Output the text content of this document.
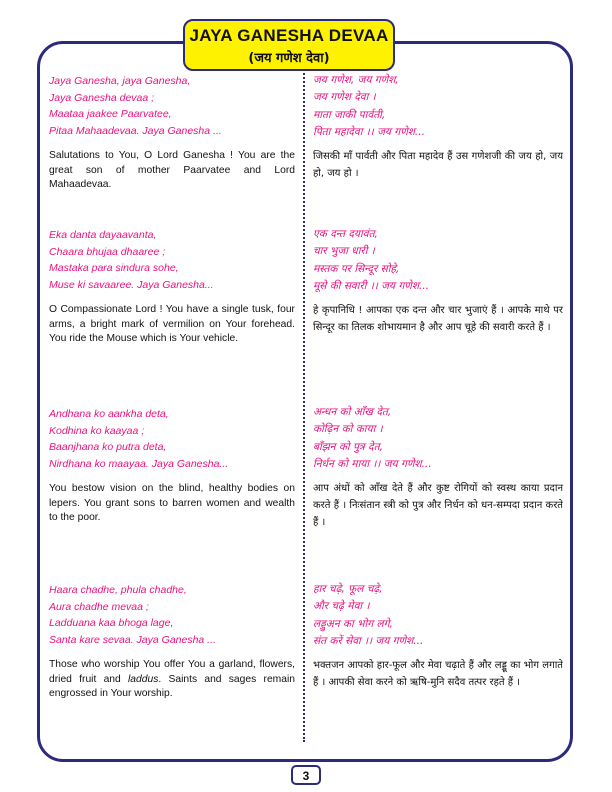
JAYA GANESHA DEVAA
(जय गणेश देवा)
Jaya Ganesha, jaya Ganesha,
Jaya Ganesha devaa ;
Maataa jaakee Paarvatee,
Pitaa Mahaadevaa. Jaya Ganesha ...
Salutations to You, O Lord Ganesha ! You are the great son of mother Paarvatee and Lord Mahaadevaa.
जय गणेश, जय गणेश,
जय गणेश देवा ।
माता जाकी पार्वती,
पिता महादेवा ।। जय गणेश...
जिसकी माँ पार्वती और पिता महादेव हैं उस गणेशजी की जय हो, जय हो, जय हो ।
Eka danta dayaavanta,
Chaara bhujaa dhaaree ;
Mastaka para sindura sohe,
Muse ki savaaree. Jaya Ganesha...
O Compassionate Lord ! You have a single tusk, four arms, a bright mark of vermilion on Your forehead. You ride the Mouse which is Your vehicle.
एक दन्त दयावंत,
चार भुजा धारी ।
मस्तक पर सिन्दूर सोहे,
मूसे की सवारी ।। जय गणेश...
हे कृपानिधि ! आपका एक दन्त और चार भुजाएं हैं । आपके माथे पर सिन्दूर का तिलक शोभायमान है और आप चूहे की सवारी करते हैं ।
Andhana ko aankha deta,
Kodhina ko kaayaa ;
Baanjhana ko putra deta,
Nirdhana ko maayaa. Jaya Ganesha...
You bestow vision on the blind, healthy bodies on lepers. You grant sons to barren women and wealth to the poor.
अन्धन को आँख देत,
कोढ़िन को काया ।
बाँझन को पुत्र देत,
निर्धन को माया ।। जय गणेश...
आप अंधों को आँख देते हैं और कुष्ट रोगियों को स्वस्थ काया प्रदान करते हैं । निःसंतान स्त्री को पुत्र और निर्धन को धन-सम्पदा प्रदान करते हैं ।
Haara chadhe, phula chadhe,
Aura chadhe mevaa ;
Ladduana kaa bhoga lage,
Santa kare sevaa. Jaya Ganesha ...
Those who worship You offer You a garland, flowers, dried fruit and laddus. Saints and sages remain engrossed in Your worship.
हार चढ़े, फूल चढ़े,
और चढ़े मेवा ।
लड्डुअन का भोग लगे,
संत करें सेवा ।। जय गणेश...
भक्तजन आपको हार-फूल और मेवा चढ़ाते हैं और लड्डू का भोग लगाते हैं । आपकी सेवा करने को ऋषि-मुनि सदैव तत्पर रहते हैं ।
3
